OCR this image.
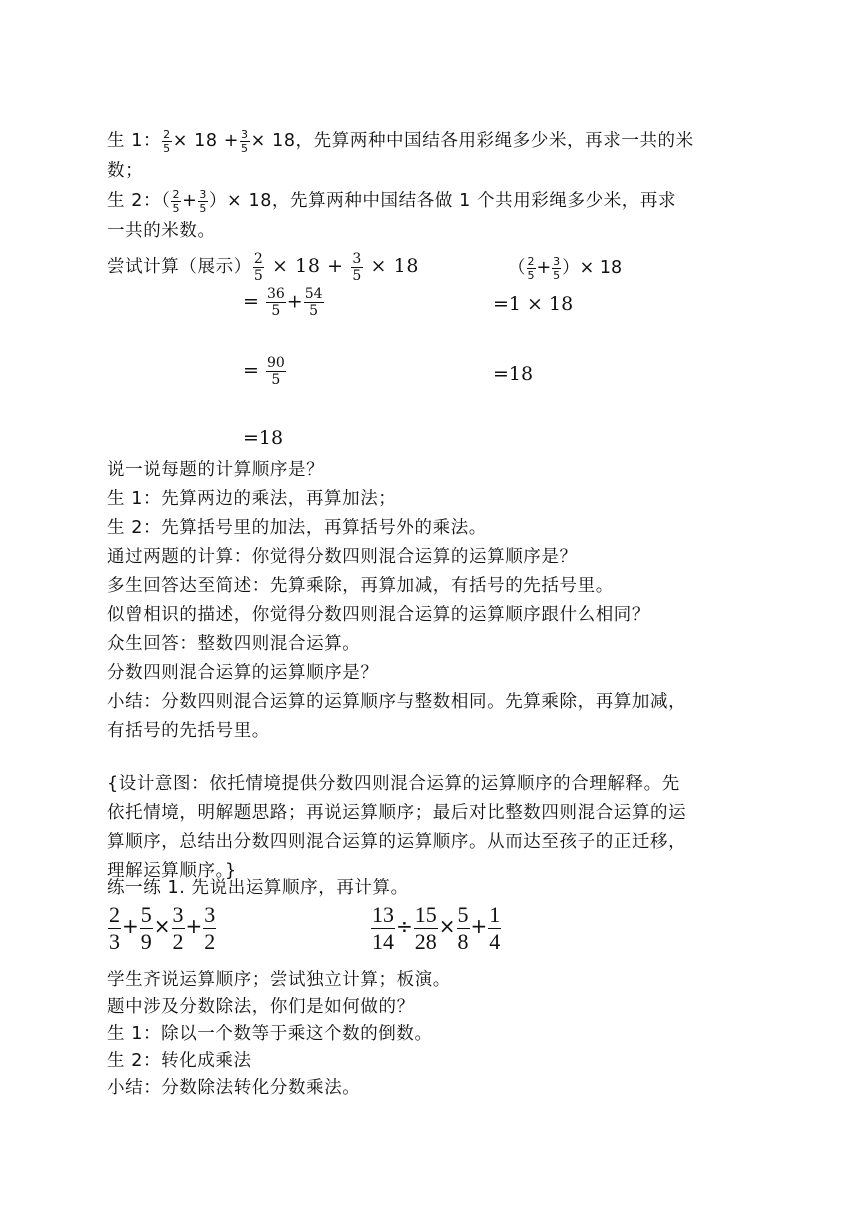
生 1： $\frac{2}{5} \times 18 + \frac{3}{5} \times 18$，先算两种中国结各用彩绳多少米，再求一共的米
数；
生 2：（ $\frac{2}{5} + \frac{3}{5}$ ）× 18，先算两种中国结各做 1 个共用彩绳多少米，再求
一共的米数。
尝试计算（展示） $\frac{2}{5} \times 18 + \frac{3}{5} \times 18$	（ $\frac{2}{5} + \frac{3}{5}$ ）× 18
= $\frac{36}{5} + \frac{54}{5}$	=1 × 18
= $\frac{90}{5}$	=18
=18
说一说每题的计算顺序是？
生 1：先算两边的乘法，再算加法；
生 2：先算括号里的加法，再算括号外的乘法。
通过两题的计算：你觉得分数四则混合运算的运算顺序是？
多生回答达至简述：先算乘除，再算加减，有括号的先括号里。
似曾相识的描述，你觉得分数四则混合运算的运算顺序跟什么相同？
众生回答：整数四则混合运算。
分数四则混合运算的运算顺序是？
小结：分数四则混合运算的运算顺序与整数相同。先算乘除，再算加减，
有括号的先括号里。
{设计意图：依托情境提供分数四则混合运算的运算顺序的合理解释。先
依托情境，明解题思路；再说运算顺序；最后对比整数四则混合运算的运
算顺序，总结出分数四则混合运算的运算顺序。从而达至孩子的正迁移，
理解运算顺序。}
练一练 1. 先说出运算顺序，再计算。
$\frac{2}{3} + \frac{5}{9} \times \frac{3}{2} + \frac{3}{2}$	$\frac{13}{14} \div \frac{15}{28} \times \frac{5}{8} + \frac{1}{4}$
学生齐说运算顺序；尝试独立计算；板演。
题中涉及分数除法，你们是如何做的？
生 1：除以一个数等于乘这个数的倒数。
生 2：转化成乘法
小结：分数除法转化分数乘法。
